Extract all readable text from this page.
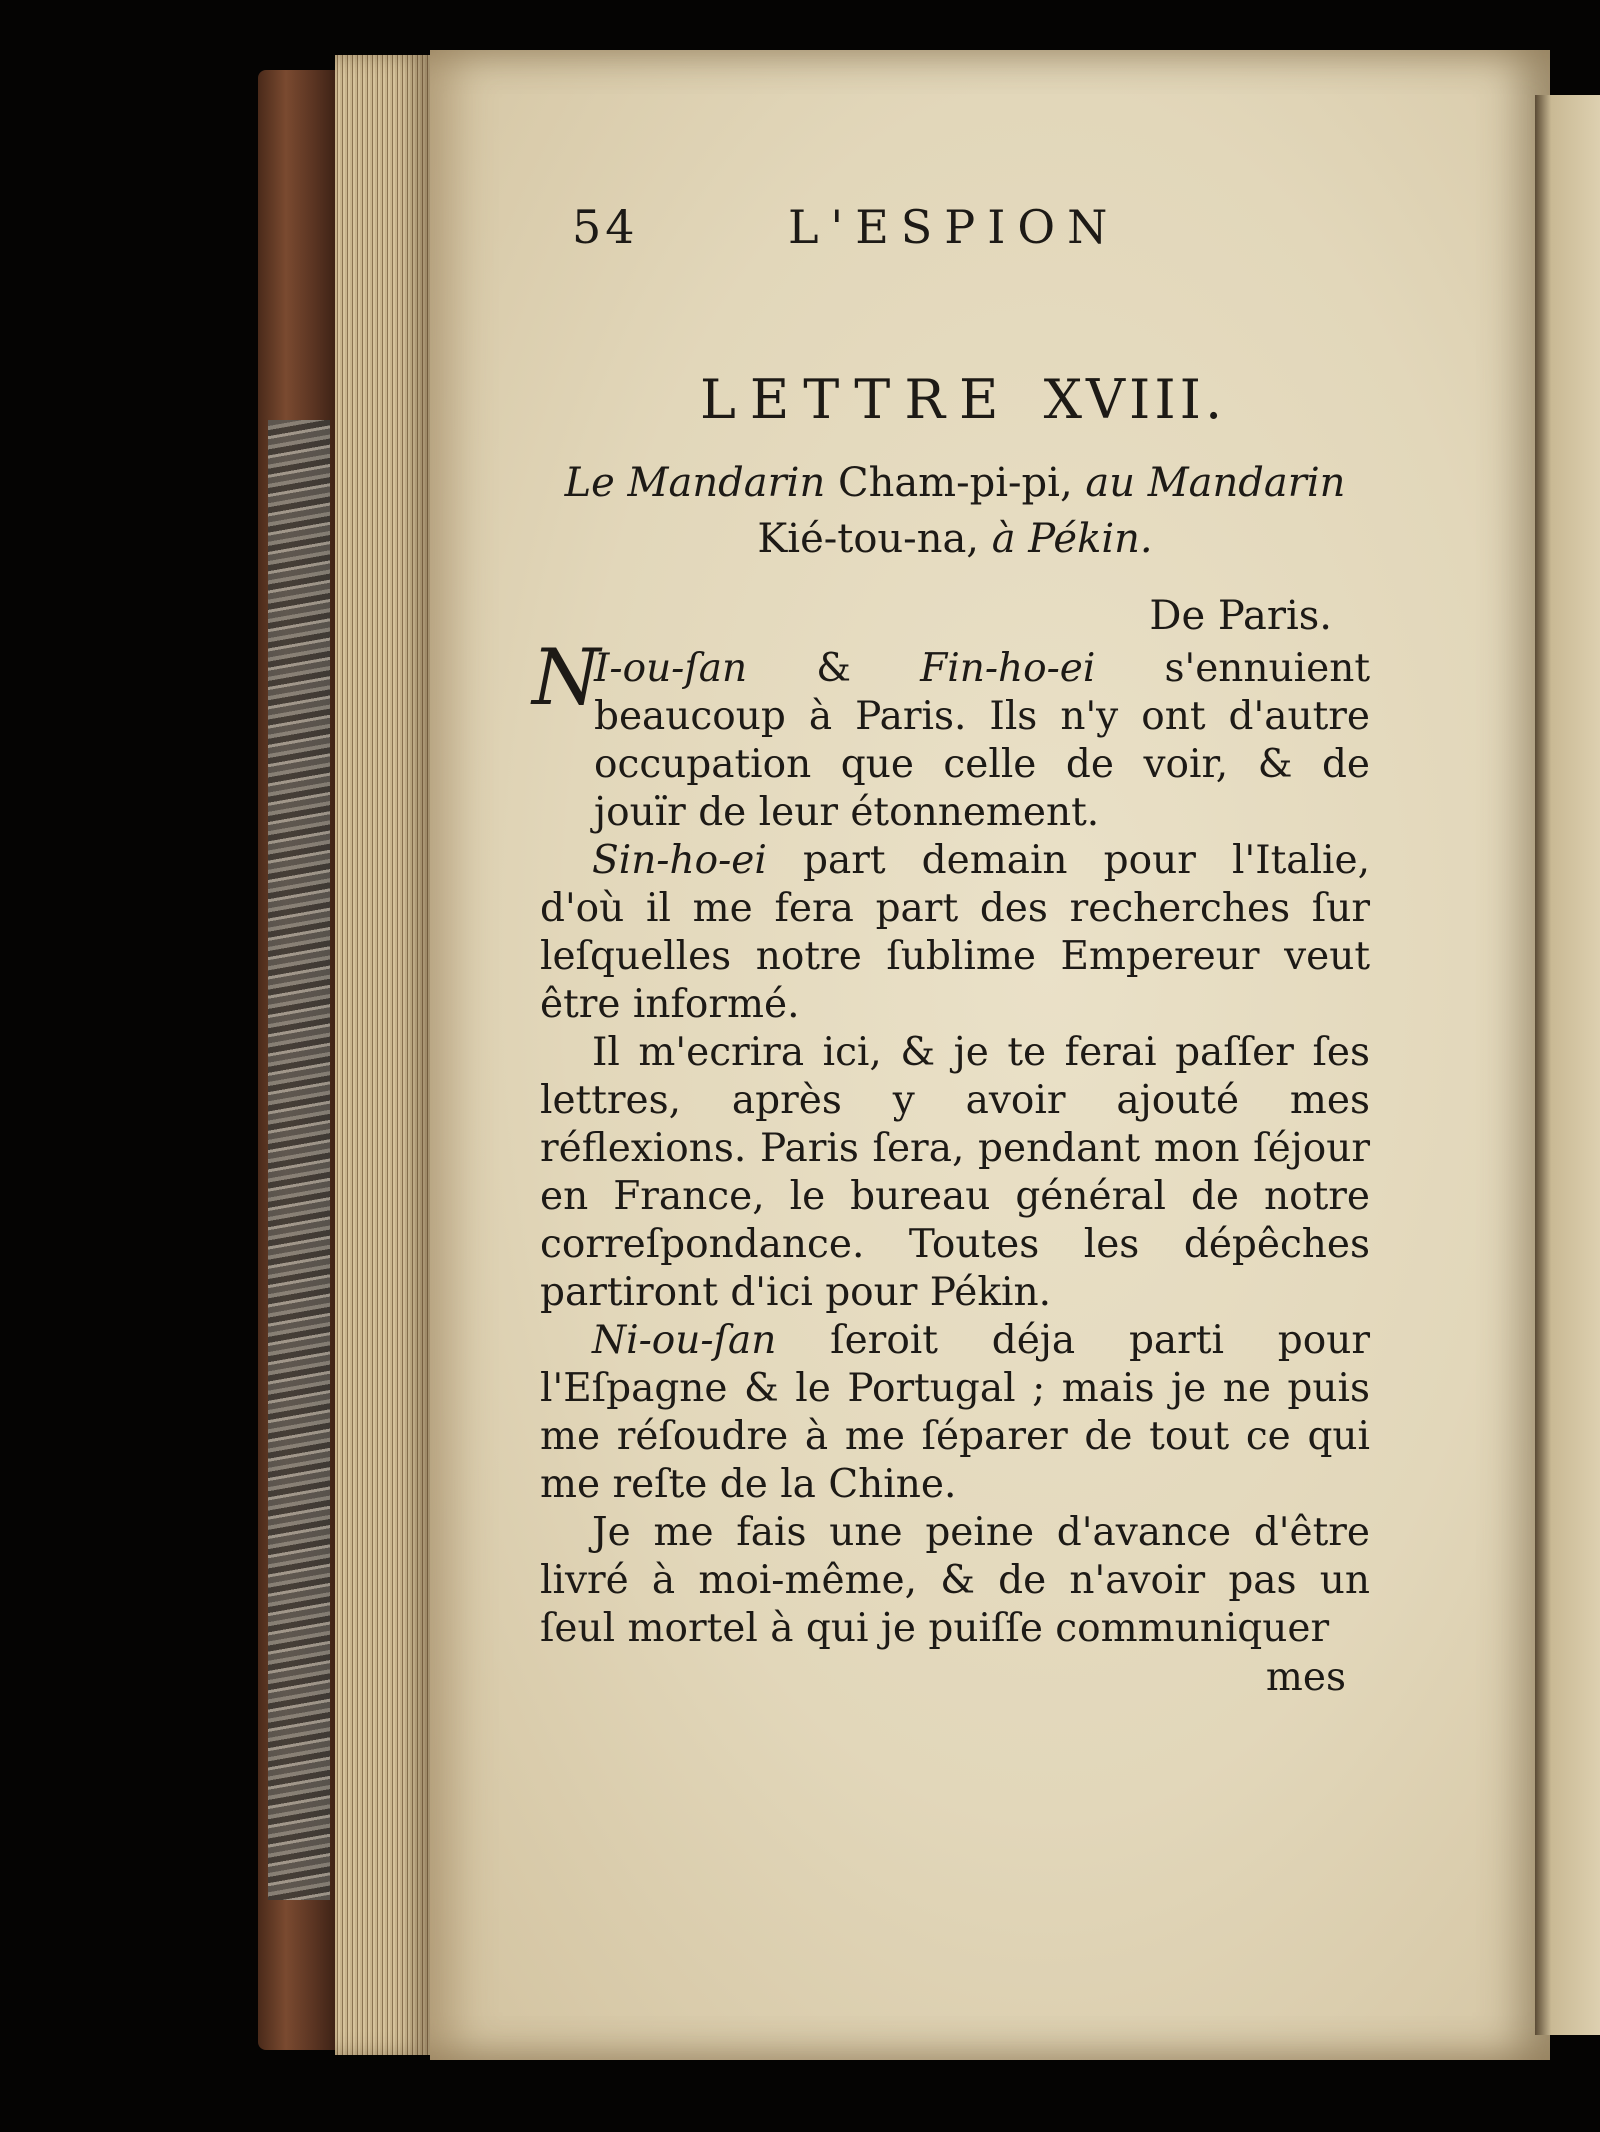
54	L'ESPION
LETTRE XVIII.
Le Mandarin Cham-pi-pi, au Mandarin
Kié-tou-na, à Pékin.
De Paris.

N
I-ou-ſan & Fin-ho-ei s'ennuient beaucoup à Paris. Ils n'y ont d'autre occupation que celle de voir, & de jouïr de leur étonnement.

Sin-ho-ei part demain pour l'Italie, d'où il me fera part des recherches ſur leſquelles notre ſublime Empereur veut être informé.

Il m'ecrira ici, & je te ferai paſſer ſes lettres, après y avoir ajouté mes réflexions. Paris ſera, pendant mon ſéjour en France, le bureau général de notre correſpondance. Toutes les dépêches partiront d'ici pour Pékin.

Ni-ou-ſan ſeroit déja parti pour l'Eſpagne & le Portugal ; mais je ne puis me réſoudre à me ſéparer de tout ce qui me reſte de la Chine.

Je me fais une peine d'avance d'être livré à moi-même, & de n'avoir pas un ſeul mortel à qui je puiſſe communiquer

mes
